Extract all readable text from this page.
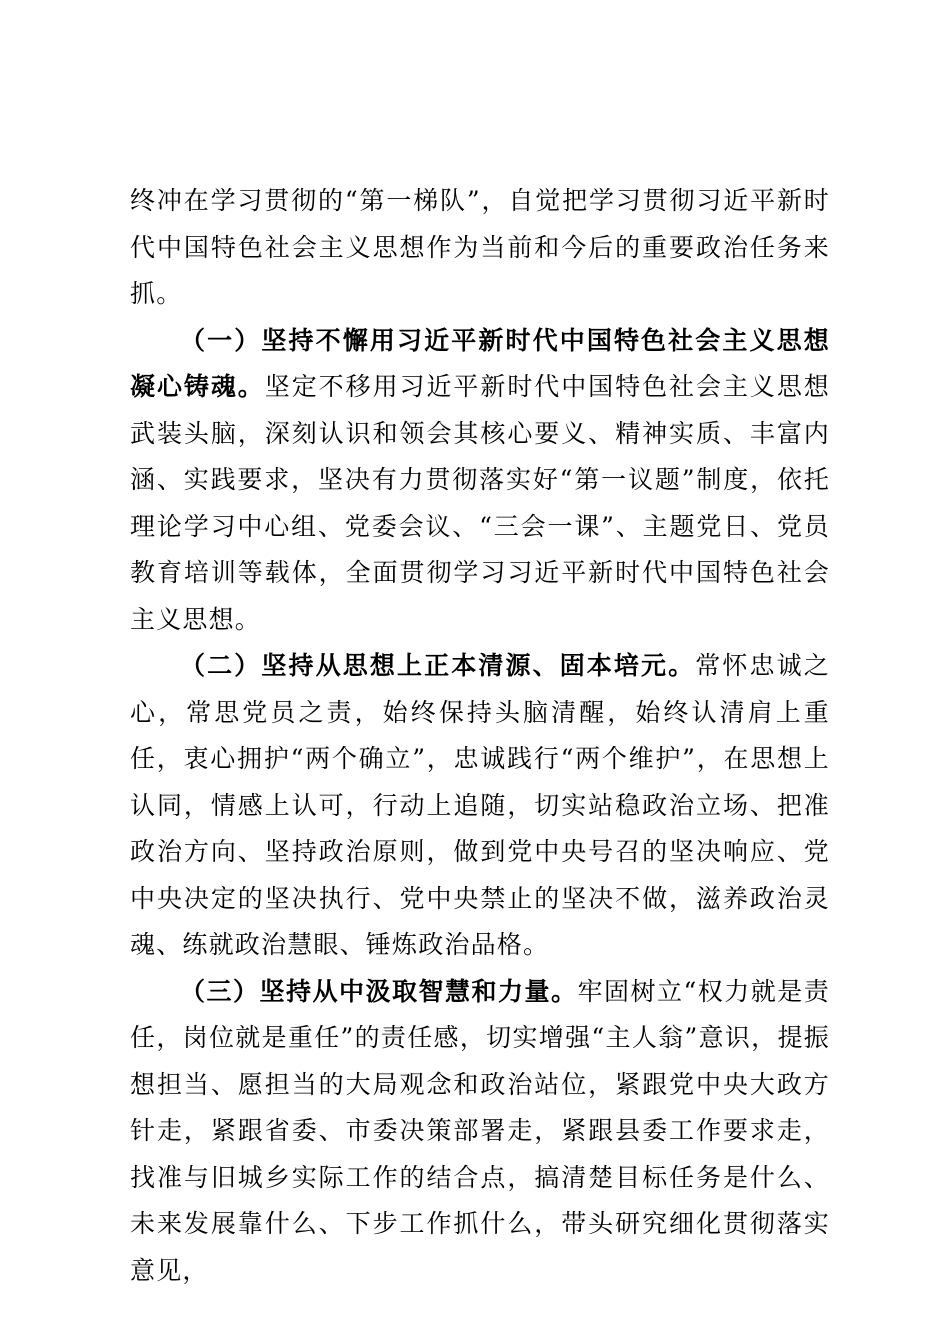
终冲在学习贯彻的“第一梯队”，自觉把学习贯彻习近平新时代中国特色社会主义思想作为当前和今后的重要政治任务来抓。

（一）坚持不懈用习近平新时代中国特色社会主义思想凝心铸魂。坚定不移用习近平新时代中国特色社会主义思想武装头脑，深刻认识和领会其核心要义、精神实质、丰富内涵、实践要求，坚决有力贯彻落实好“第一议题”制度，依托理论学习中心组、党委会议、“三会一课”、主题党日、党员教育培训等载体，全面贯彻学习习近平新时代中国特色社会主义思想。

（二）坚持从思想上正本清源、固本培元。常怀忠诚之心，常思党员之责，始终保持头脑清醒，始终认清肩上重任，衷心拥护“两个确立”，忠诚践行“两个维护”，在思想上认同，情感上认可，行动上追随，切实站稳政治立场、把准政治方向、坚持政治原则，做到党中央号召的坚决响应、党中央决定的坚决执行、党中央禁止的坚决不做，滋养政治灵魂、练就政治慧眼、锤炼政治品格。

（三）坚持从中汲取智慧和力量。牢固树立“权力就是责任，岗位就是重任”的责任感，切实增强“主人翁”意识，提振想担当、愿担当的大局观念和政治站位，紧跟党中央大政方针走，紧跟省委、市委决策部署走，紧跟县委工作要求走，找准与旧城乡实际工作的结合点，搞清楚目标任务是什么、未来发展靠什么、下步工作抓什么，带头研究细化贯彻落实意见，
